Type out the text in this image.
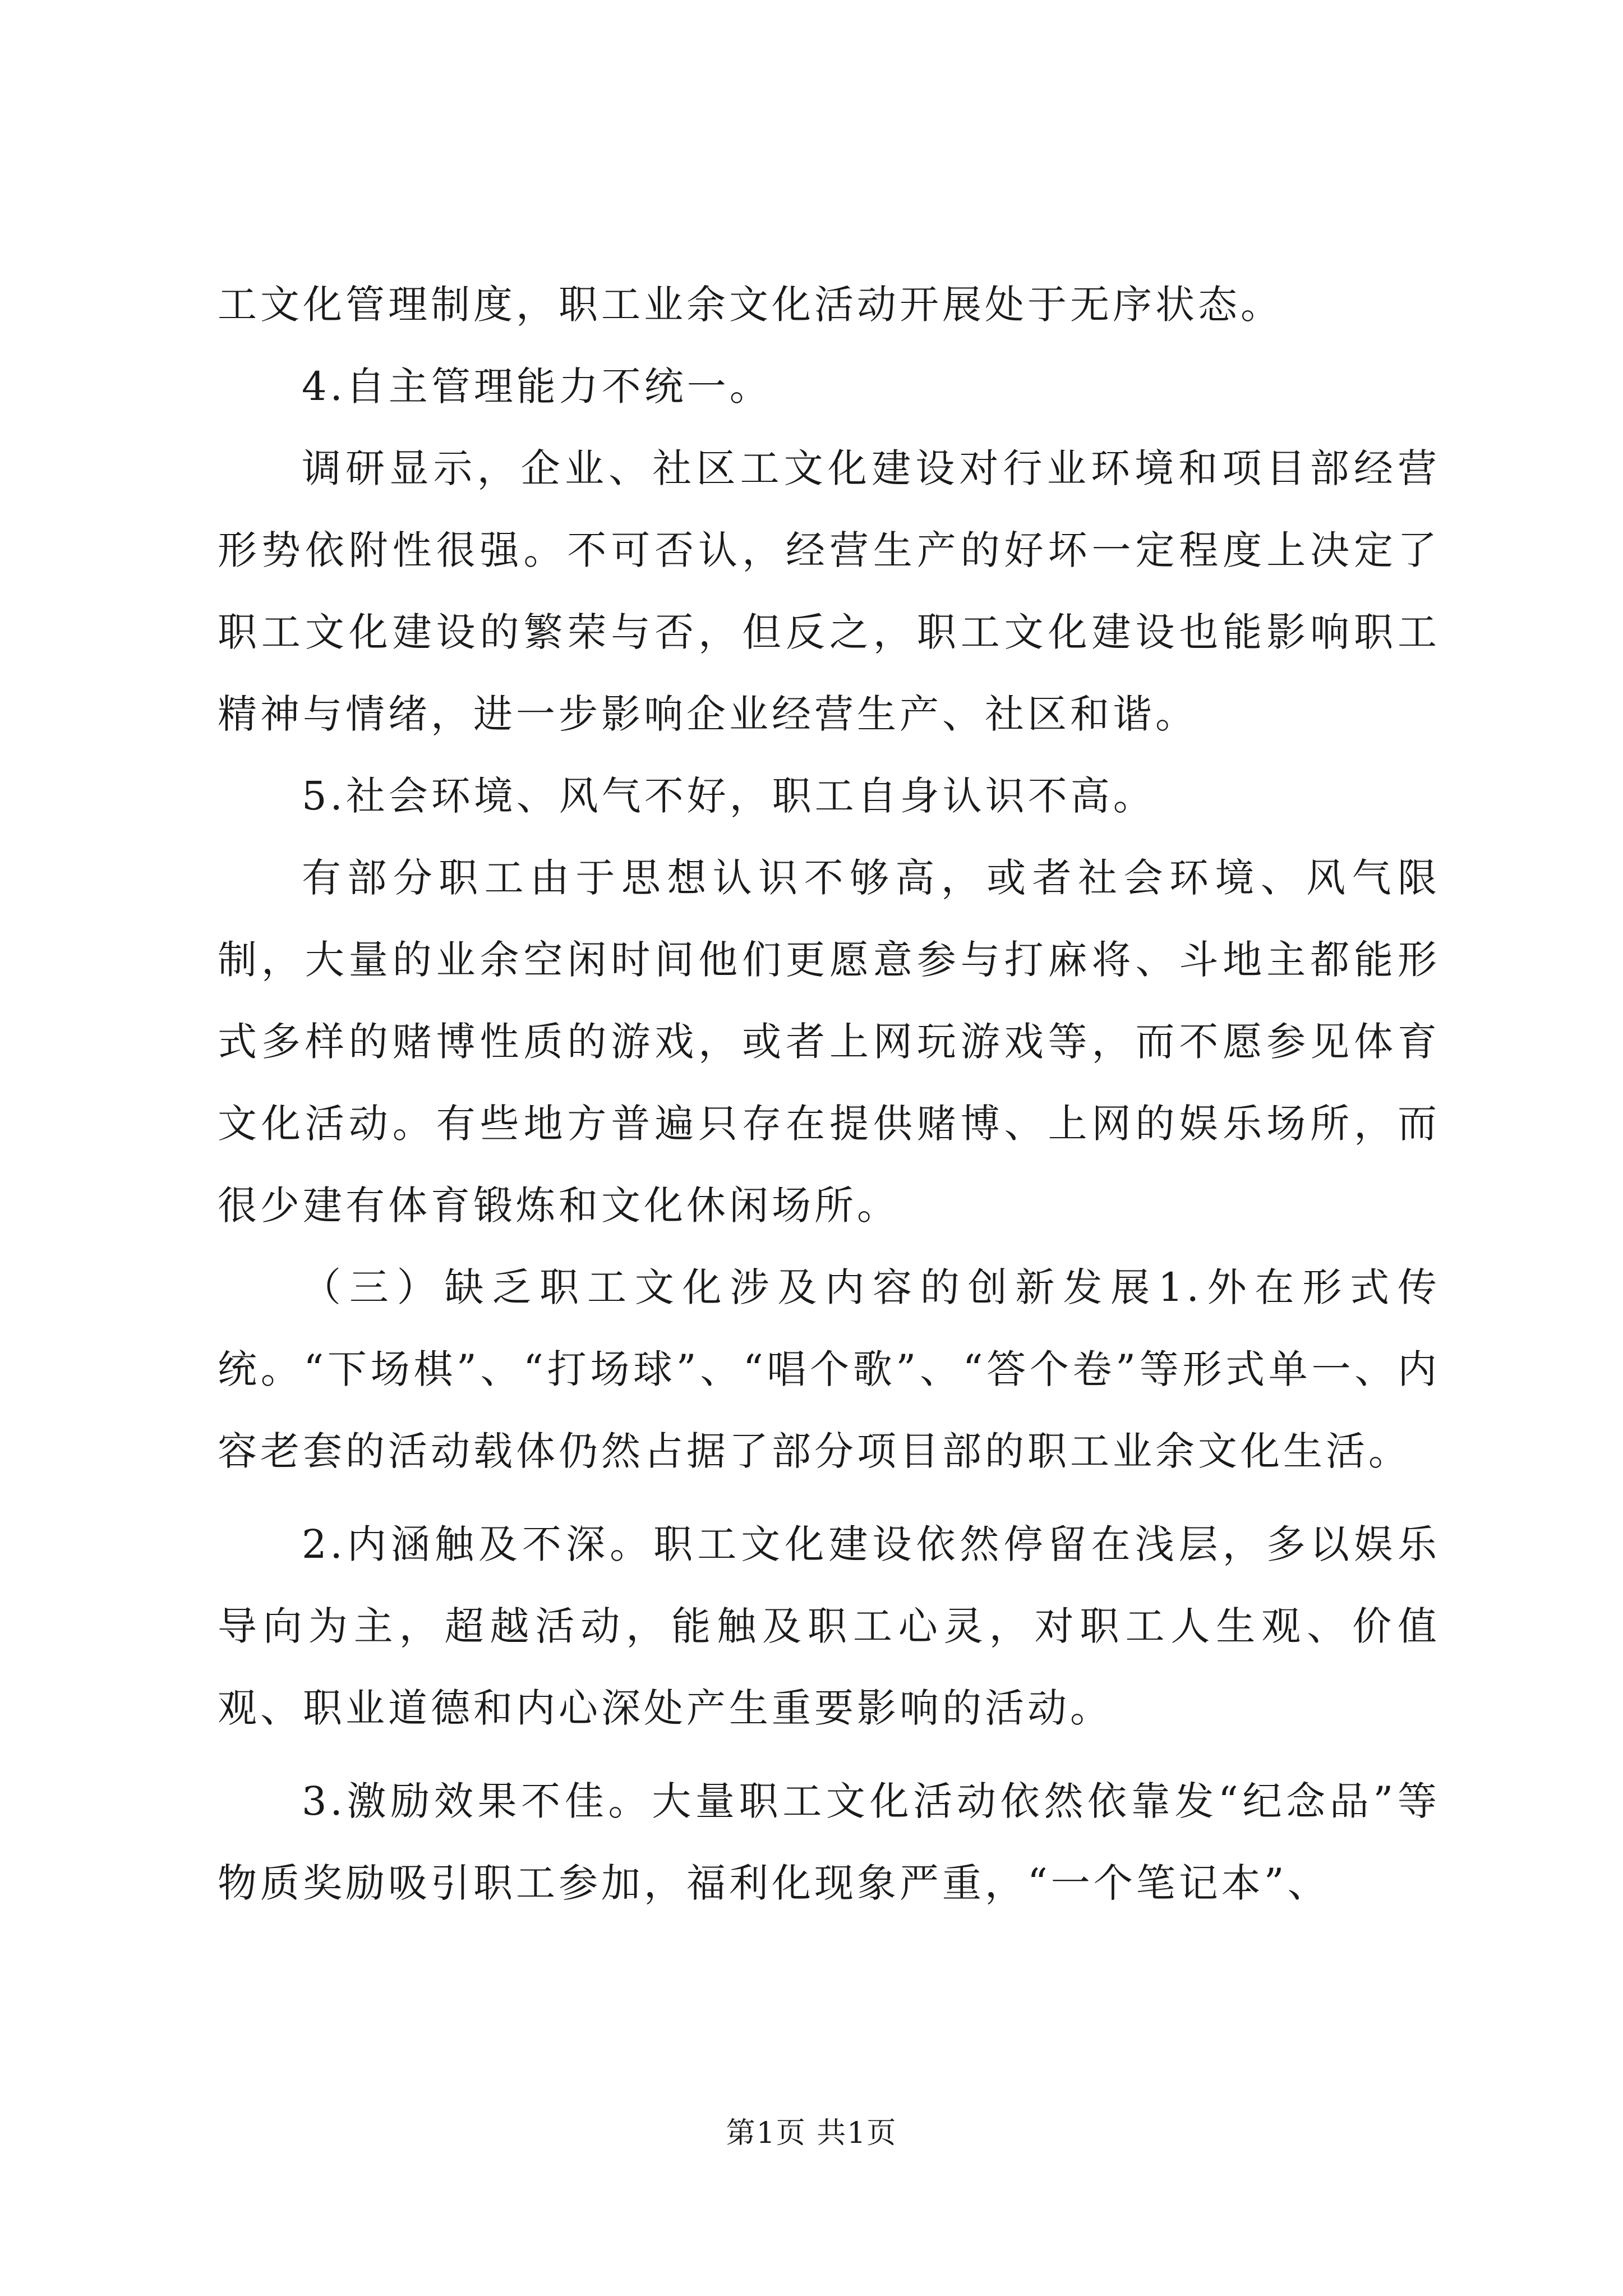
工文化管理制度，职工业余文化活动开展处于无序状态。

4.自主管理能力不统一。

调研显示，企业、社区工文化建设对行业环境和项目部经营形势依附性很强。不可否认，经营生产的好坏一定程度上决定了职工文化建设的繁荣与否，但反之，职工文化建设也能影响职工精神与情绪，进一步影响企业经营生产、社区和谐。

5.社会环境、风气不好，职工自身认识不高。

有部分职工由于思想认识不够高，或者社会环境、风气限制，大量的业余空闲时间他们更愿意参与打麻将、斗地主都能形式多样的赌博性质的游戏，或者上网玩游戏等，而不愿参见体育文化活动。有些地方普遍只存在提供赌博、上网的娱乐场所，而很少建有体育锻炼和文化休闲场所。

（三）缺乏职工文化涉及内容的创新发展1.外在形式传统。“下场棋”、“打场球”、“唱个歌”、“答个卷”等形式单一、内容老套的活动载体仍然占据了部分项目部的职工业余文化生活。

2.内涵触及不深。职工文化建设依然停留在浅层，多以娱乐导向为主，超越活动，能触及职工心灵，对职工人生观、价值观、职业道德和内心深处产生重要影响的活动。

3.激励效果不佳。大量职工文化活动依然依靠发“纪念品”等物质奖励吸引职工参加，福利化现象严重，“一个笔记本”、

第1页 共1页
